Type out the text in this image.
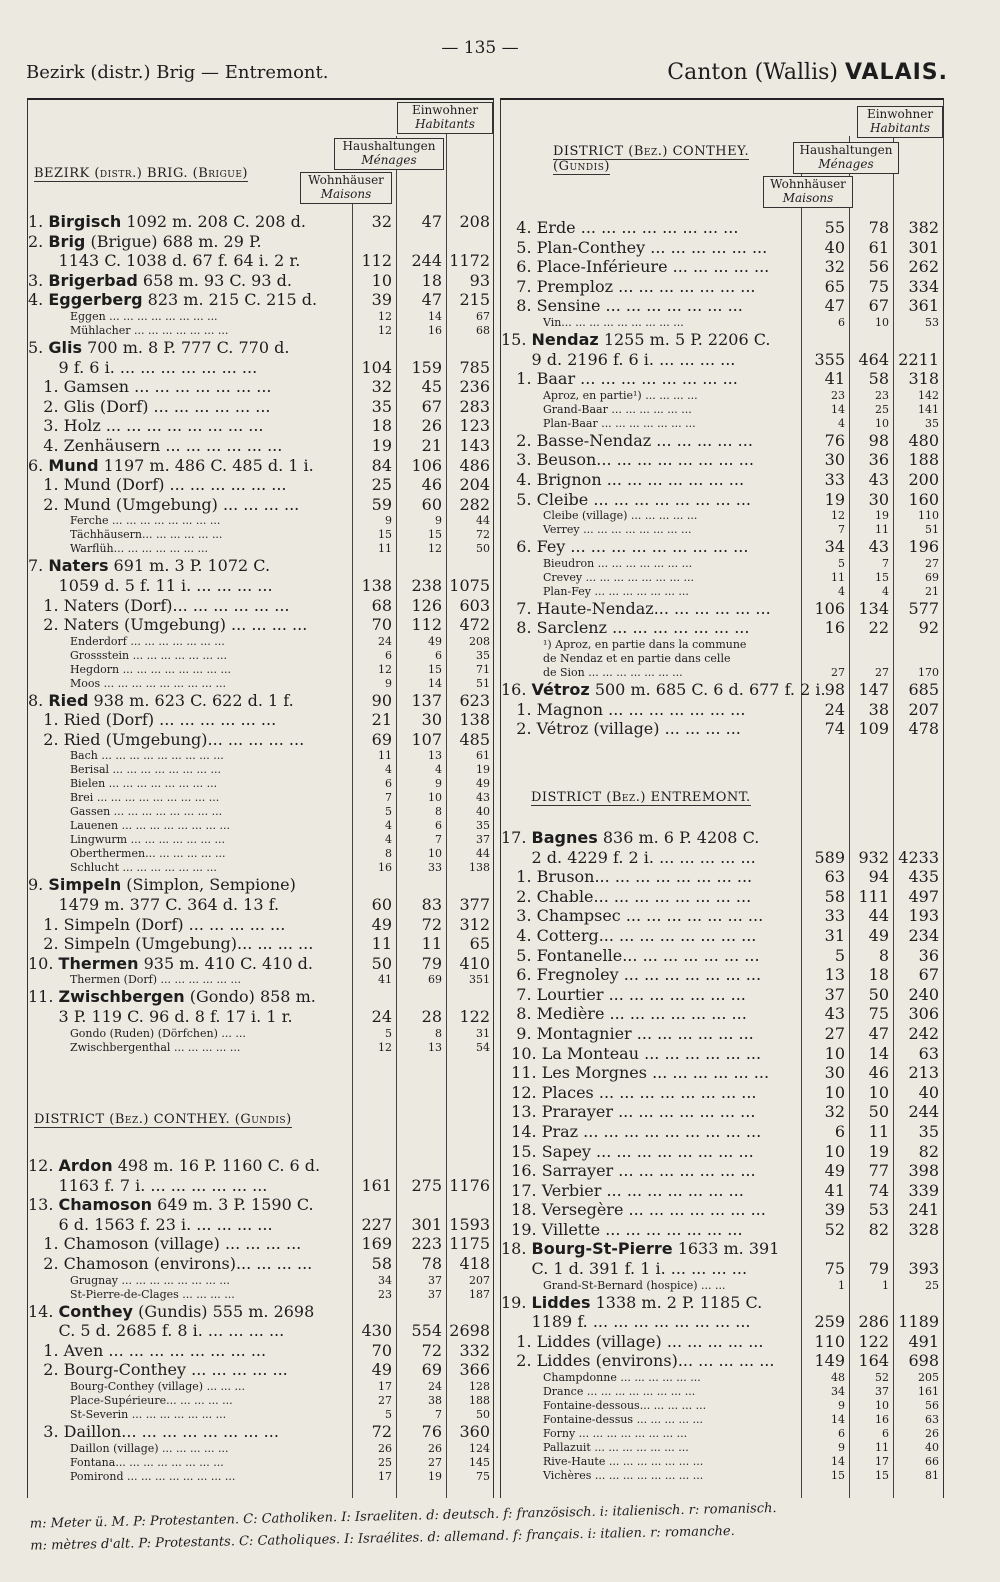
— 135 —
Bezirk (distr.) Brig — Entremont.	Canton (Wallis) VALAIS.
Einwohner
Habitants
Haushaltungen
Ménages
Wohnhäuser
Maisons
BEZIRK (distr.) BRIG. (Brigue)
1. Birgisch 1092 m. 208 C. 208 d.	32	47	208
2. Brig (Brigue) 688 m. 29 P.
1143 C. 1038 d. 67 f. 64 i. 2 r.	112	244 1172
3. Brigerbad 658 m. 93 C. 93 d.	10	18	93
4. Eggerberg 823 m. 215 C. 215 d.	39	47	215
Eggen ... ... ... ... ... ... ... ...	12	14	67
Mühlacher ... ... ... ... ... ... ...	12	16	68
5. Glis 700 m. 8 P. 777 C. 770 d.
9 f. 6 i. ... ... ... ... ... ... ...	104	159	785
1. Gamsen ... ... ... ... ... ... ...	32	45	236
2. Glis (Dorf) ... ... ... ... ... ...	35	67	283
3. Holz ... ... ... ... ... ... ... ...	18	26	123
4. Zenhäusern ... ... ... ... ... ...	19	21	143
6. Mund 1197 m. 486 C. 485 d. 1 i.	84	106	486
1. Mund (Dorf) ... ... ... ... ... ...	25	46	204
2. Mund (Umgebung) ... ... ... ...	59	60	282
Ferche ... ... ... ... ... ... ... ...	9	9	44
Tächhäusern... ... ... ... ... ...	15	15	72
Warflüh... ... ... ... ... ... ...	11	12	50
7. Naters 691 m. 3 P. 1072 C.
1059 d. 5 f. 11 i. ... ... ... ...	138	238 1075
1. Naters (Dorf)... ... ... ... ... ...	68	126	603
2. Naters (Umgebung) ... ... ... ...	70	112	472
Enderdorf ... ... ... ... ... ... ...	24	49	208
Grossstein ... ... ... ... ... ... ...	6	6	35
Hegdorn ... ... ... ... ... ... ... ...	12	15	71
Moos ... ... ... ... ... ... ... ... ...	9	14	51
8. Ried 938 m. 623 C. 622 d. 1 f.	90	137	623
1. Ried (Dorf) ... ... ... ... ... ...	21	30	138
2. Ried (Umgebung)... ... ... ... ...	69	107	485
Bach ... ... ... ... ... ... ... ... ...	11	13	61
Berisal ... ... ... ... ... ... ... ...	4	4	19
Bielen ... ... ... ... ... ... ... ...	6	9	49
Brei ... ... ... ... ... ... ... ... ...	7	10	43
Gassen ... ... ... ... ... ... ... ...	5	8	40
Lauenen ... ... ... ... ... ... ... ...	4	6	35
Lingwurm ... ... ... ... ... ... ...	4	7	37
Oberthermen... ... ... ... ... ...	8	10	44
Schlucht ... ... ... ... ... ... ...	16	33	138
9. Simpeln (Simplon, Sempione)
1479 m. 377 C. 364 d. 13 f.	60	83	377
1. Simpeln (Dorf) ... ... ... ... ...	49	72	312
2. Simpeln (Umgebung)... ... ... ...	11	11	65
10. Thermen 935 m. 410 C. 410 d.	50	79	410
Thermen (Dorf) ... ... ... ... ... ...	41	69	351
11. Zwischbergen (Gondo) 858 m.
3 P. 119 C. 96 d. 8 f. 17 i. 1 r.	24	28	122
Gondo (Ruden) (Dörfchen) ... ...	5	8	31
Zwischbergenthal ... ... ... ... ...	12	13	54
DISTRICT (Bez.) CONTHEY. (Gundis)
12. Ardon 498 m. 16 P. 1160 C. 6 d.
1163 f. 7 i. ... ... ... ... ... ...	161	275 1176
13. Chamoson 649 m. 3 P. 1590 C.
6 d. 1563 f. 23 i. ... ... ... ...	227	301 1593
1. Chamoson (village) ... ... ... ...	169	223 1175
2. Chamoson (environs)... ... ... ...	58	78	418
Grugnay ... ... ... ... ... ... ... ...	34	37	207
St-Pierre-de-Clages ... ... ... ...	23	37	187
14. Conthey (Gundis) 555 m. 2698
C. 5 d. 2685 f. 8 i. ... ... ... ...	430	554 2698
1. Aven ... ... ... ... ... ... ... ...	70	72	332
2. Bourg-Conthey ... ... ... ... ...	49	69	366
Bourg-Conthey (village) ... ... ...	17	24	128
Place-Supérieure... ... ... ... ...	27	38	188
St-Severin ... ... ... ... ... ... ...	5	7	50
3. Daillon... ... ... ... ... ... ... ...	72	76	360
Daillon (village) ... ... ... ... ...	26	26	124
Fontana... ... ... ... ... ... ... ...	25	27	145
Pomirond ... ... ... ... ... ... ... ...	17	19	75
Einwohner
Habitants
Haushaltungen
Ménages
Wohnhäuser
Maisons
DISTRICT (Bez.) CONTHEY. (Gundis)
4. Erde ... ... ... ... ... ... ... ...	55	78	382
5. Plan-Conthey ... ... ... ... ... ...	40	61	301
6. Place-Inférieure ... ... ... ... ...	32	56	262
7. Premploz ... ... ... ... ... ... ...	65	75	334
8. Sensine ... ... ... ... ... ... ...	47	67	361
Vin... ... ... ... ... ... ... ... ...	6	10	53
15. Nendaz 1255 m. 5 P. 2206 C.
9 d. 2196 f. 6 i. ... ... ... ...	355 464 2211
1. Baar ... ... ... ... ... ... ... ...	41	58	318
Aproz, en partie¹) ... ... ... ...	23	23	142
Grand-Baar ... ... ... ... ... ...	14	25	141
Plan-Baar ... ... ... ... ... ... ...	4	10	35
2. Basse-Nendaz ... ... ... ... ...	76	98	480
3. Beuson... ... ... ... ... ... ... ...	30	36	188
4. Brignon ... ... ... ... ... ... ...	33	43	200
5. Cleibe ... ... ... ... ... ... ... ...	19	30	160
Cleibe (village) ... ... ... ... ...	12	19	110
Verrey ... ... ... ... ... ... ... ...	7	11	51
6. Fey ... ... ... ... ... ... ... ... ...	34	43	196
Bieudron ... ... ... ... ... ... ...	5	7	27
Crevey ... ... ... ... ... ... ... ...	11	15	69
Plan-Fey ... ... ... ... ... ... ...	4	4	21
7. Haute-Nendaz... ... ... ... ... ...	106 134	577
8. Sarclenz ... ... ... ... ... ... ...	16	22	92
¹) Aproz, en partie dans la commune
de Nendaz et en partie dans celle
de Sion ... ... ... ... ... ... ...	27	27	170
16. Vétroz 500 m. 685 C. 6 d. 677 f. 2 i. 98 147	685
1. Magnon ... ... ... ... ... ... ...	24	38	207
2. Vétroz (village) ... ... ... ...	74 109	478
DISTRICT (Bez.) ENTREMONT.
17. Bagnes 836 m. 6 P. 4208 C.
2 d. 4229 f. 2 i. ... ... ... ... ...	589 932 4233
1. Bruson... ... ... ... ... ... ... ...	63	94	435
2. Chable... ... ... ... ... ... ... ...	58 111	497
3. Champsec ... ... ... ... ... ... ...	33	44	193
4. Cotterg... ... ... ... ... ... ... ...	31	49	234
5. Fontanelle... ... ... ... ... ... ...	5	8	36
6. Fregnoley ... ... ... ... ... ... ...	13	18	67
7. Lourtier ... ... ... ... ... ... ...	37	50	240
8. Medière ... ... ... ... ... ... ...	43	75	306
9. Montagnier ... ... ... ... ... ...	27	47	242
10. La Monteau ... ... ... ... ... ...	10	14	63
11. Les Morgnes ... ... ... ... ... ...	30	46	213
12. Places ... ... ... ... ... ... ... ...	10	10	40
13. Prarayer ... ... ... ... ... ... ...	32	50	244
14. Praz ... ... ... ... ... ... ... ... ...	6	11	35
15. Sapey ... ... ... ... ... ... ... ...	10	19	82
16. Sarrayer ... ... ... ... ... ... ...	49	77	398
17. Verbier ... ... ... ... ... ... ...	41	74	339
18. Versegère ... ... ... ... ... ... ...	39	53	241
19. Villette ... ... ... ... ... ... ...	52	82	328
18. Bourg-St-Pierre 1633 m. 391
C. 1 d. 391 f. 1 i. ... ... ... ...	75	79	393
Grand-St-Bernard (hospice) ... ...	1	1	25
19. Liddes 1338 m. 2 P. 1185 C.
1189 f. ... ... ... ... ... ... ... ...	259 286 1189
1. Liddes (village) ... ... ... ... ...	110 122	491
2. Liddes (environs)... ... ... ... ...	149 164	698
Champdonne ... ... ... ... ... ...	48	52	205
Drance ... ... ... ... ... ... ... ...	34	37	161
Fontaine-dessous... ... ... ... ...	9	10	56
Fontaine-dessus ... ... ... ... ...	14	16	63
Forny ... ... ... ... ... ... ... ...	6	6	26
Pallazuit ... ... ... ... ... ... ...	9	11	40
Rive-Haute ... ... ... ... ... ... ...	14	17	66
Vichères ... ... ... ... ... ... ... ...	15	15	81
m: Meter ü. M. P: Protestanten. C: Catholiken. I: Israeliten. d: deutsch. f: französisch. i: italienisch. r: romanisch.
m: mètres d'alt. P: Protestants. C: Catholiques. I: Israélites. d: allemand. f: français. i: italien. r: romanche.
